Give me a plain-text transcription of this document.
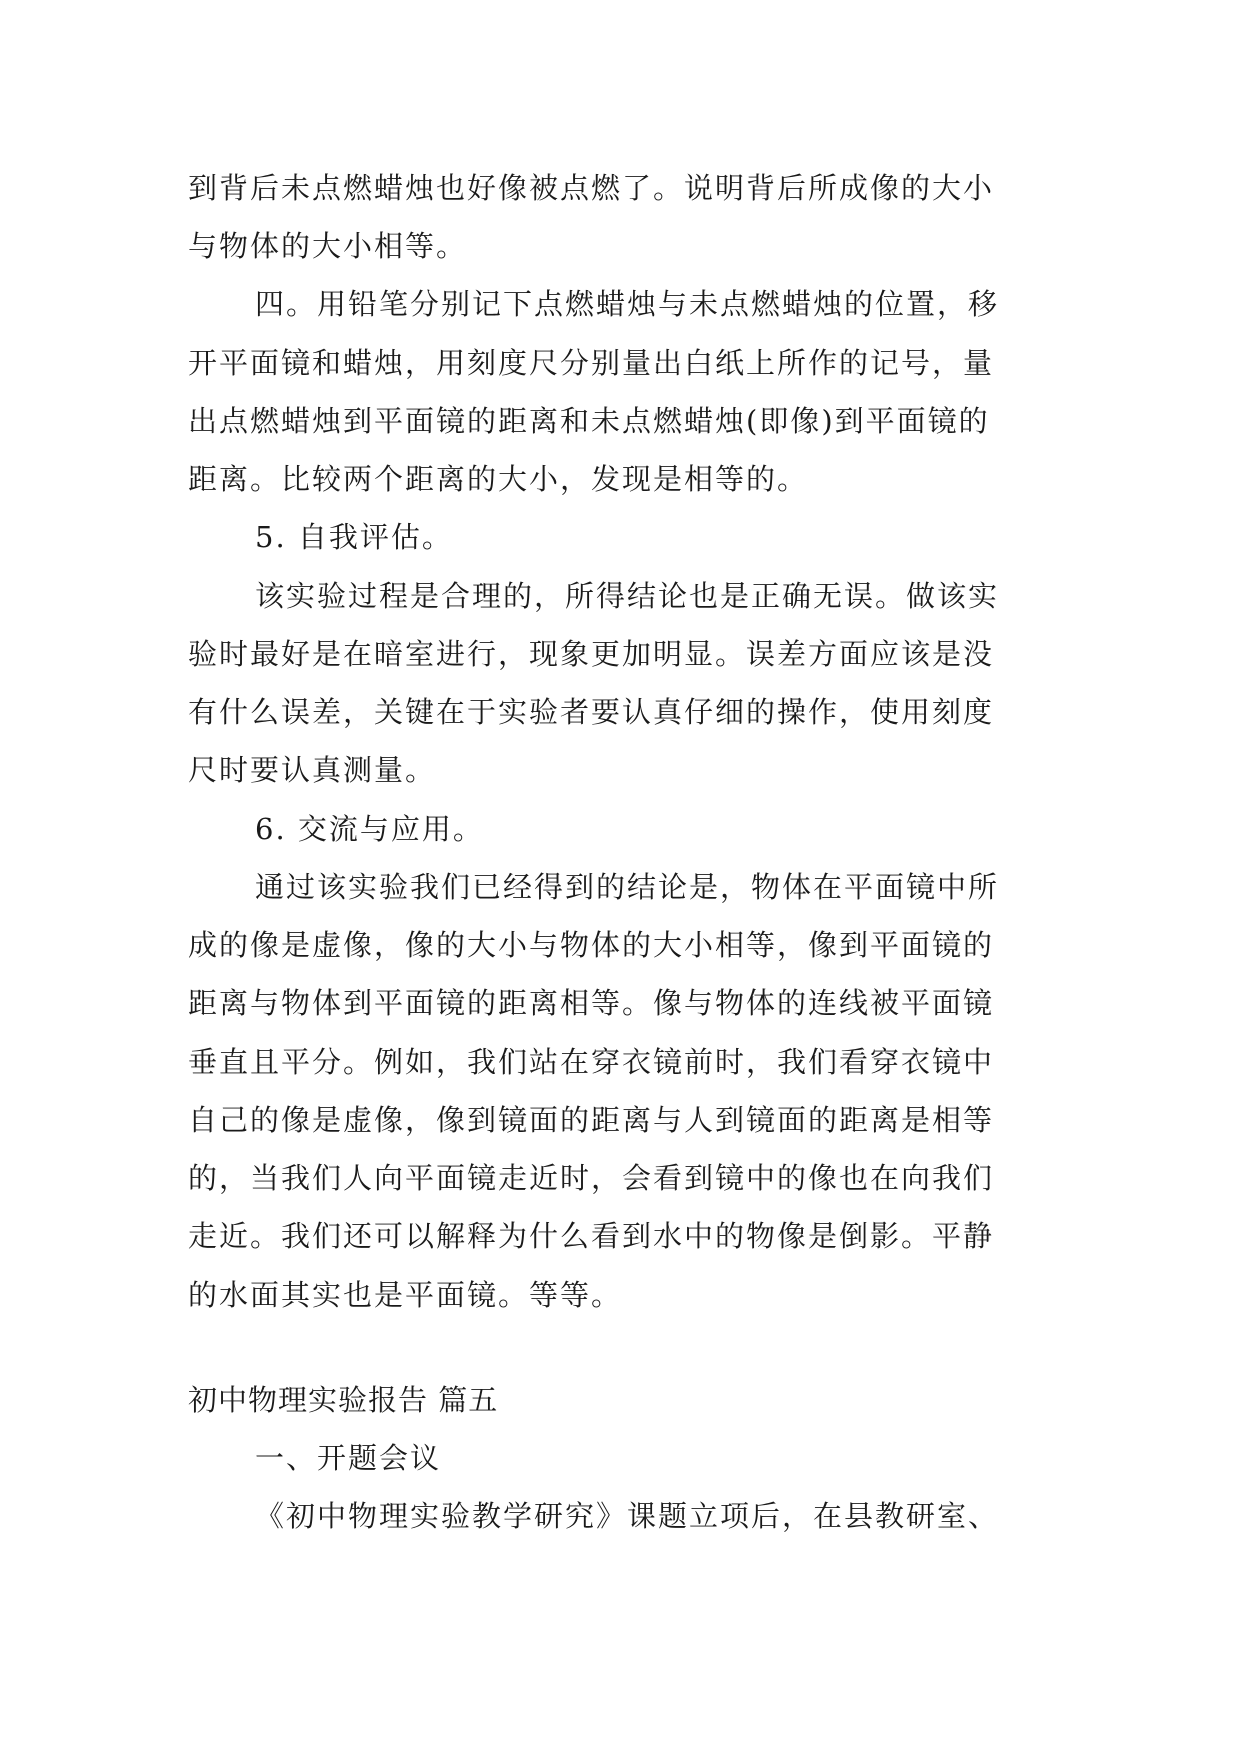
到背后未点燃蜡烛也好像被点燃了。说明背后所成像的大小
与物体的大小相等。
四。用铅笔分别记下点燃蜡烛与未点燃蜡烛的位置，移
开平面镜和蜡烛，用刻度尺分别量出白纸上所作的记号，量
出点燃蜡烛到平面镜的距离和未点燃蜡烛(即像)到平面镜的
距离。比较两个距离的大小，发现是相等的。
5. 自我评估。
该实验过程是合理的，所得结论也是正确无误。做该实
验时最好是在暗室进行，现象更加明显。误差方面应该是没
有什么误差，关键在于实验者要认真仔细的操作，使用刻度
尺时要认真测量。
6. 交流与应用。
通过该实验我们已经得到的结论是，物体在平面镜中所
成的像是虚像，像的大小与物体的大小相等，像到平面镜的
距离与物体到平面镜的距离相等。像与物体的连线被平面镜
垂直且平分。例如，我们站在穿衣镜前时，我们看穿衣镜中
自己的像是虚像，像到镜面的距离与人到镜面的距离是相等
的，当我们人向平面镜走近时，会看到镜中的像也在向我们
走近。我们还可以解释为什么看到水中的物像是倒影。平静
的水面其实也是平面镜。等等。
初中物理实验报告 篇五
一、开题会议
《初中物理实验教学研究》课题立项后，在县教研室、
